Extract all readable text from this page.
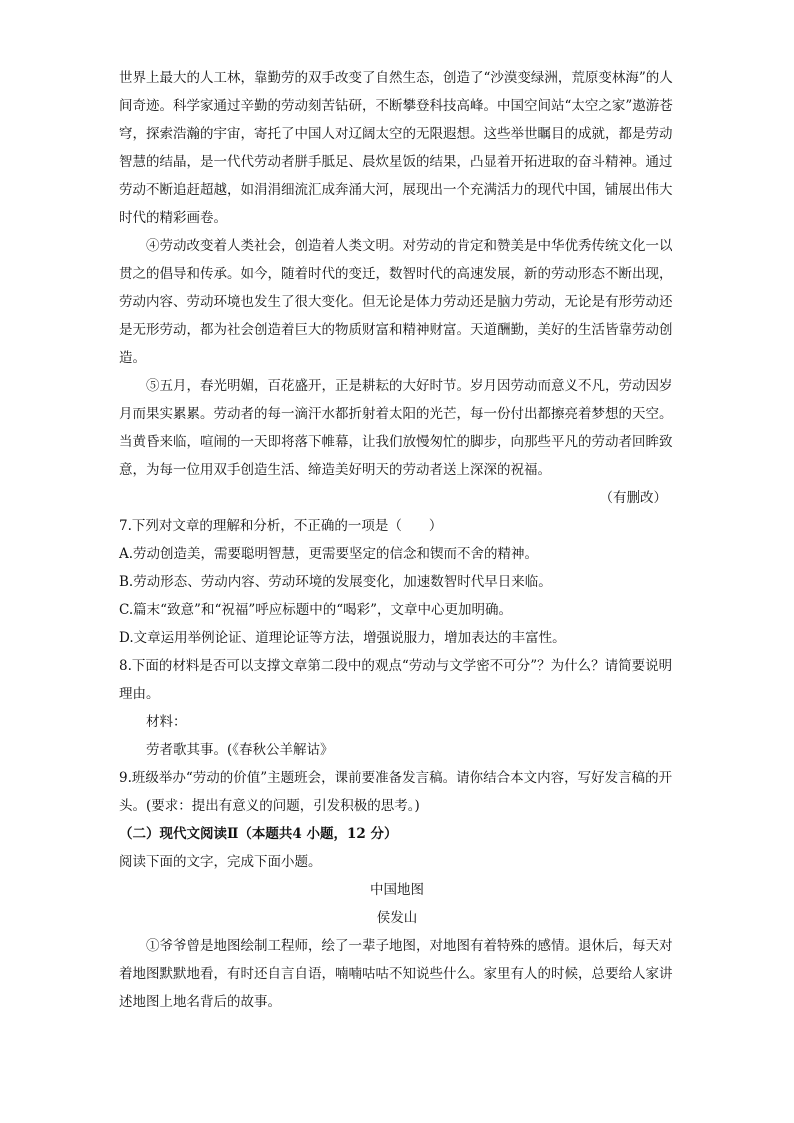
世界上最大的人工林，靠勤劳的双手改变了自然生态，创造了“沙漠变绿洲，荒原变林海”的人间奇迹。科学家通过辛勤的劳动刻苦钻研，不断攀登科技高峰。中国空间站“太空之家”遨游苍穹，探索浩瀚的宇宙，寄托了中国人对辽阔太空的无限遐想。这些举世瞩目的成就，都是劳动智慧的结晶，是一代代劳动者胼手胝足、晨炊星饭的结果，凸显着开拓进取的奋斗精神。通过劳动不断追赶超越，如涓涓细流汇成奔涌大河，展现出一个充满活力的现代中国，铺展出伟大时代的精彩画卷。

④劳动改变着人类社会，创造着人类文明。对劳动的肯定和赞美是中华优秀传统文化一以贯之的倡导和传承。如今，随着时代的变迁，数智时代的高速发展，新的劳动形态不断出现，劳动内容、劳动环境也发生了很大变化。但无论是体力劳动还是脑力劳动，无论是有形劳动还是无形劳动，都为社会创造着巨大的物质财富和精神财富。天道酬勤，美好的生活皆靠劳动创造。

⑤五月，春光明媚，百花盛开，正是耕耘的大好时节。岁月因劳动而意义不凡，劳动因岁月而果实累累。劳动者的每一滴汗水都折射着太阳的光芒，每一份付出都擦亮着梦想的天空。当黄昏来临，喧闹的一天即将落下帷幕，让我们放慢匆忙的脚步，向那些平凡的劳动者回眸致意，为每一位用双手创造生活、缔造美好明天的劳动者送上深深的祝福。

（有删改）

7.下列对文章的理解和分析，不正确的一项是（　　）

A.劳动创造美，需要聪明智慧，更需要坚定的信念和锲而不舍的精神。

B.劳动形态、劳动内容、劳动环境的发展变化，加速数智时代早日来临。

C.篇末“致意”和“祝福”呼应标题中的“喝彩”，文章中心更加明确。

D.文章运用举例论证、道理论证等方法，增强说服力，增加表达的丰富性。

8.下面的材料是否可以支撑文章第二段中的观点“劳动与文学密不可分”？为什么？请简要说明理由。

材料：

劳者歌其事。(《春秋公羊解诂》

9.班级举办“劳动的价值”主题班会，课前要准备发言稿。请你结合本文内容，写好发言稿的开头。(要求：提出有意义的问题，引发积极的思考。)

（二）现代文阅读Ⅱ（本题共4 小题，12 分）

阅读下面的文字，完成下面小题。

中国地图

侯发山

①爷爷曾是地图绘制工程师，绘了一辈子地图，对地图有着特殊的感情。退休后，每天对着地图默默地看，有时还自言自语，喃喃咕咕不知说些什么。家里有人的时候，总要给人家讲述地图上地名背后的故事。
